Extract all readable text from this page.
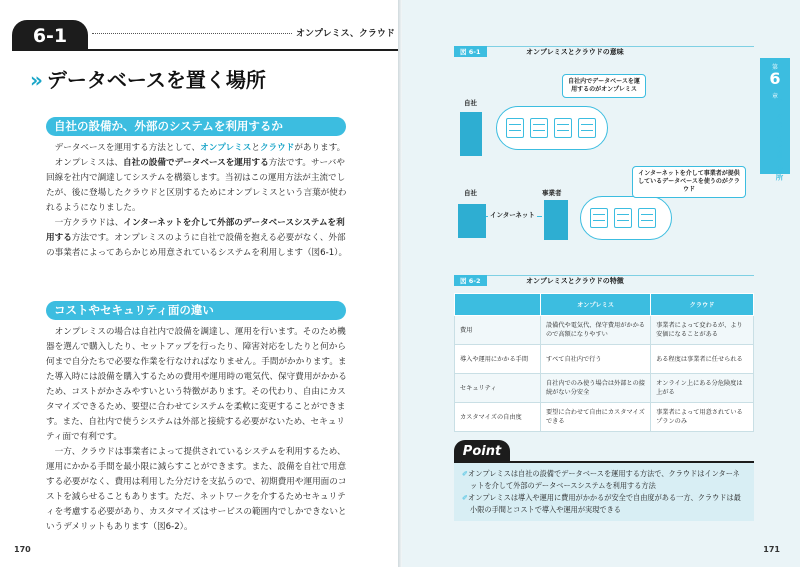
6-1	オンプレミス、クラウド
» データベースを置く場所
自社の設備か、外部のシステムを利用するか

データベースを運用する方法として、オンプレミスとクラウドがあります。

オンプレミスは、自社の設備でデータベースを運用する方法です。サーバや回線を社内で調達してシステムを構築します。当初はこの運用方法が主流でしたが、後に登場したクラウドと区別するためにオンプレミスという言葉が使われるようになりました。

一方クラウドは、インターネットを介して外部のデータベースシステムを利用する方法です。オンプレミスのように自社で設備を抱える必要がなく、外部の事業者によってあらかじめ用意されているシステムを利用します（図6-1）。

コストやセキュリティ面の違い

オンプレミスの場合は自社内で設備を調達し、運用を行います。そのため機器を選んで購入したり、セットアップを行ったり、障害対応をしたりと何から何まで自分たちで必要な作業を行なければなりません。手間がかかります。また導入時には設備を購入するための費用や運用時の電気代、保守費用がかかるため、コストがかさみやすいという特徴があります。その代わり、自由にカスタマイズできるため、要望に合わせてシステムを柔軟に変更することができます。また、自社内で使うシステムは外部と接続する必要がないため、セキュリティ面で有利です。

一方、クラウドは事業者によって提供されているシステムを利用するため、運用にかかる手間を最小限に減らすことができます。また、設備を自社で用意する必要がなく、費用は利用した分だけを支払うので、初期費用や運用面のコストを減らせることもあります。ただ、ネットワークを介するためセキュリティを考慮する必要があり、カスタマイズはサービスの範囲内でしかできないというデメリットもあります（図6-2）。

170
第
6
章
データベースを置く場所
図 6-1	オンプレミスとクラウドの意味
自社
自社内でデータベースを運用するのがオンプレミス
自社
インターネット
事業者
インターネットを介して事業者が提供しているデータベースを使うのがクラウド
図 6-2	オンプレミスとクラウドの特徴
	オンプレミス	クラウド
費用	設備代や電気代、保守費用がかかるので高額になりやすい	事業者によって変わるが、より安価になることがある
導入や運用にかかる手間	すべて自社内で行う	ある程度は事業者に任せられる
セキュリティ	自社内でのみ使う場合は外部との接続がない分安全	オンライン上にある分危険度は上がる
カスタマイズの自由度	要望に合わせて自由にカスタマイズできる	事業者によって用意されているプランのみ
Point
✐オンプレミスは自社の設備でデータベースを運用する方法で、クラウドはインターネットを介して外部のデータベースシステムを利用する方法
✐オンプレミスは導入や運用に費用がかかるが安全で自由度がある一方、クラウドは最小限の手間とコストで導入や運用が実現できる
171
